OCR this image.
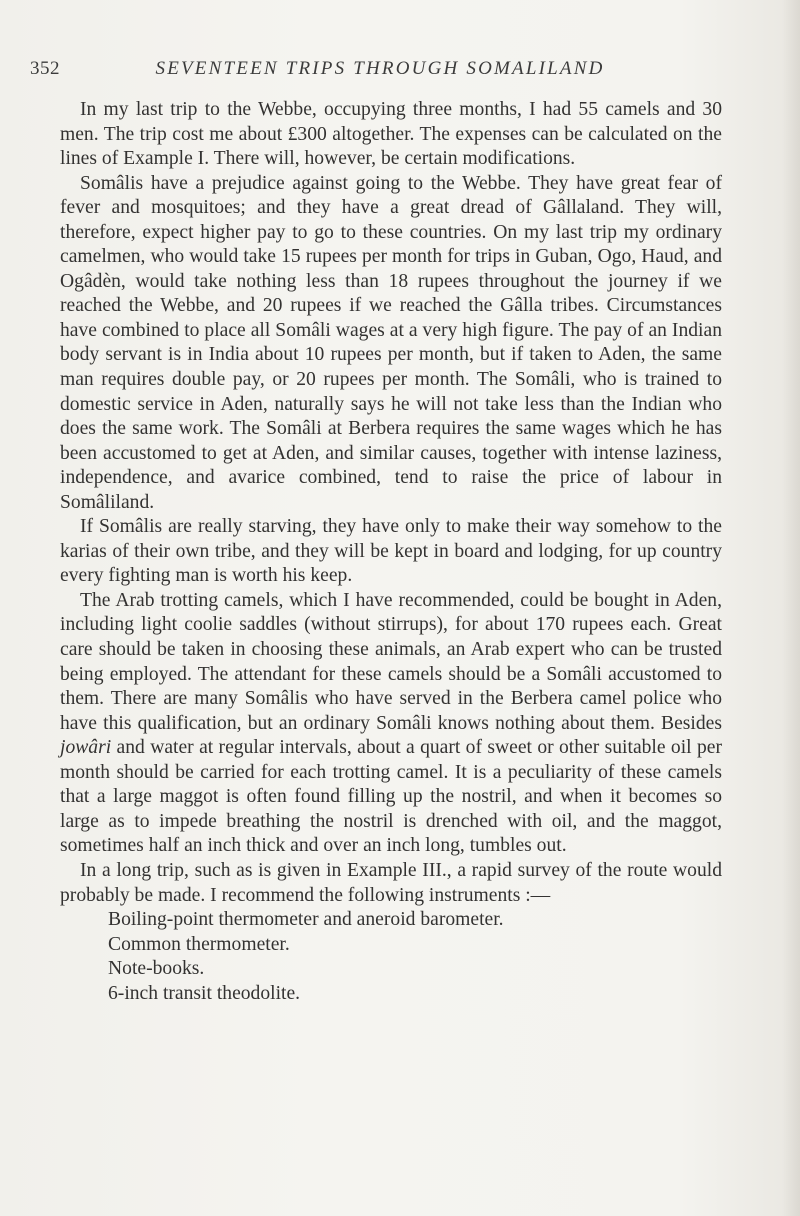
352	SEVENTEEN TRIPS THROUGH SOMALILAND

In my last trip to the Webbe, occupying three months, I had 55 camels and 30 men. The trip cost me about £300 altogether. The expenses can be calculated on the lines of Example I. There will, however, be certain modifications.

Somâlis have a prejudice against going to the Webbe. They have great fear of fever and mosquitoes; and they have a great dread of Gâllaland. They will, therefore, expect higher pay to go to these countries. On my last trip my ordinary camelmen, who would take 15 rupees per month for trips in Guban, Ogo, Haud, and Ogâdèn, would take nothing less than 18 rupees throughout the journey if we reached the Webbe, and 20 rupees if we reached the Gâlla tribes. Circumstances have combined to place all Somâli wages at a very high figure. The pay of an Indian body servant is in India about 10 rupees per month, but if taken to Aden, the same man requires double pay, or 20 rupees per month. The Somâli, who is trained to domestic service in Aden, naturally says he will not take less than the Indian who does the same work. The Somâli at Berbera requires the same wages which he has been accustomed to get at Aden, and similar causes, together with intense laziness, independence, and avarice combined, tend to raise the price of labour in Somâliland.

If Somâlis are really starving, they have only to make their way somehow to the karias of their own tribe, and they will be kept in board and lodging, for up country every fighting man is worth his keep.

The Arab trotting camels, which I have recommended, could be bought in Aden, including light coolie saddles (without stirrups), for about 170 rupees each. Great care should be taken in choosing these animals, an Arab expert who can be trusted being employed. The attendant for these camels should be a Somâli accustomed to them. There are many Somâlis who have served in the Berbera camel police who have this qualification, but an ordinary Somâli knows nothing about them. Besides jowâri and water at regular intervals, about a quart of sweet or other suitable oil per month should be carried for each trotting camel. It is a peculiarity of these camels that a large maggot is often found filling up the nostril, and when it becomes so large as to impede breathing the nostril is drenched with oil, and the maggot, sometimes half an inch thick and over an inch long, tumbles out.

In a long trip, such as is given in Example III., a rapid survey of the route would probably be made. I recommend the following instruments :—

Boiling-point thermometer and aneroid barometer.
Common thermometer.
Note-books.
6-inch transit theodolite.
